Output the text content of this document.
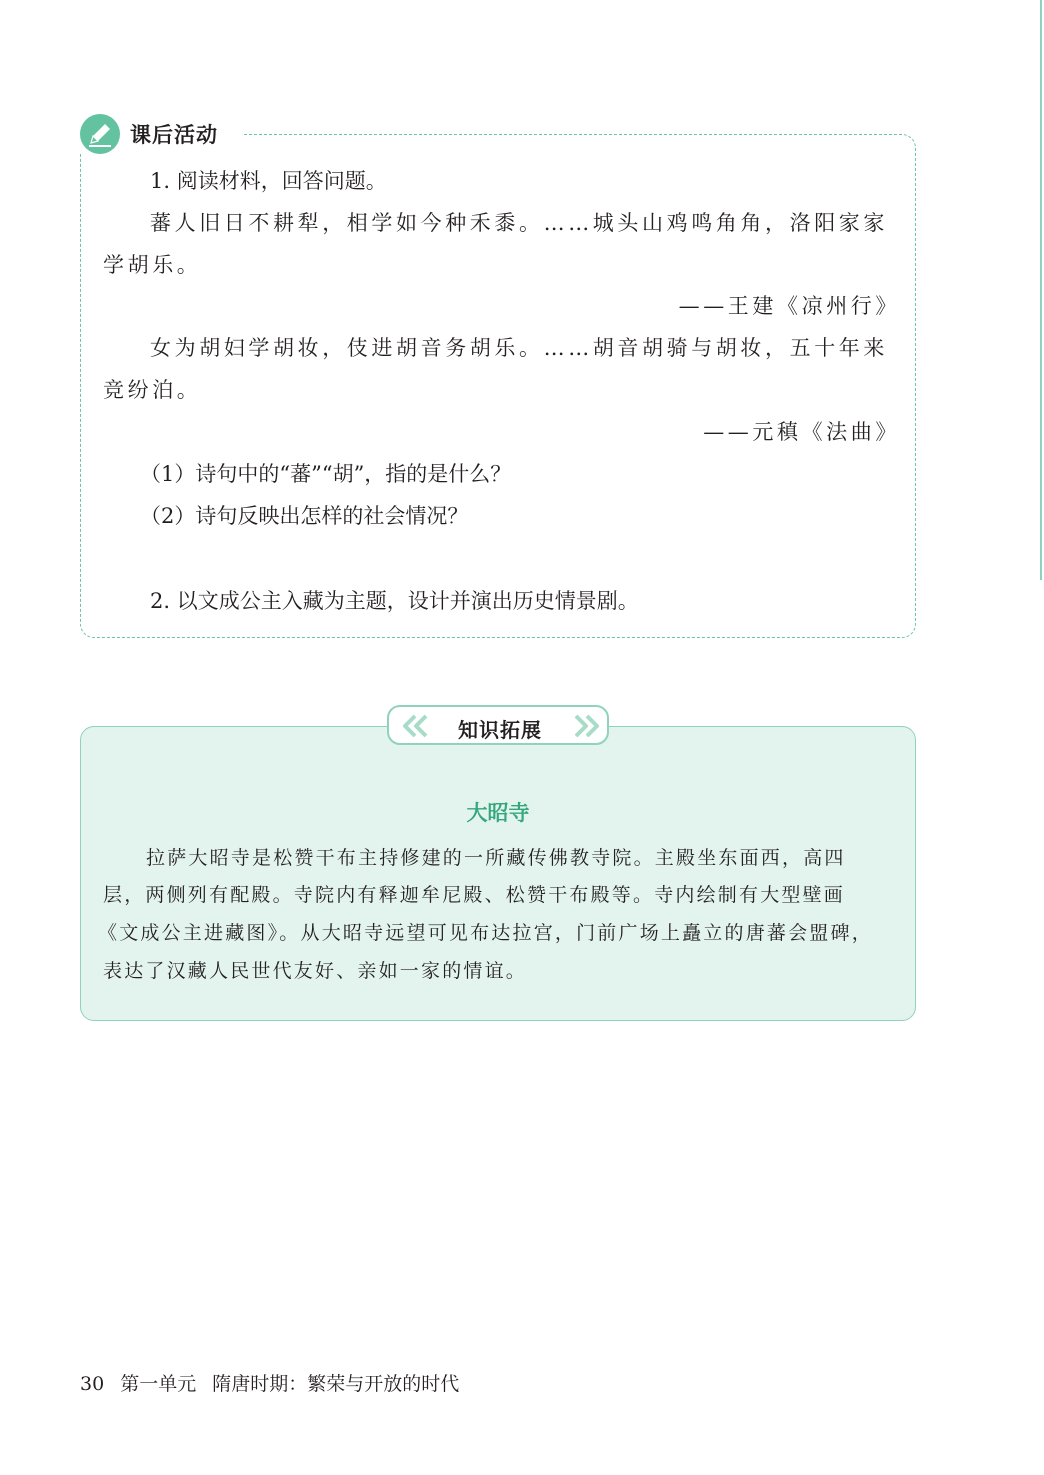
课后活动
1. 阅读材料，回答问题。
蕃人旧日不耕犁，相学如今种禾黍。……城头山鸡鸣角角，洛阳家家
学胡乐。
——王建《凉州行》
女为胡妇学胡妆，伎进胡音务胡乐。……胡音胡骑与胡妆，五十年来
竞纷泊。
——元稹《法曲》
（1）诗句中的“蕃”“胡”，指的是什么？
（2）诗句反映出怎样的社会情况？
2. 以文成公主入藏为主题，设计并演出历史情景剧。
知识拓展
大昭寺
拉萨大昭寺是松赞干布主持修建的一所藏传佛教寺院。主殿坐东面西，高四
层，两侧列有配殿。寺院内有释迦牟尼殿、松赞干布殿等。寺内绘制有大型壁画
《文成公主进藏图》。从大昭寺远望可见布达拉宫，门前广场上矗立的唐蕃会盟碑，
表达了汉藏人民世代友好、亲如一家的情谊。
30 第一单元 隋唐时期：繁荣与开放的时代
